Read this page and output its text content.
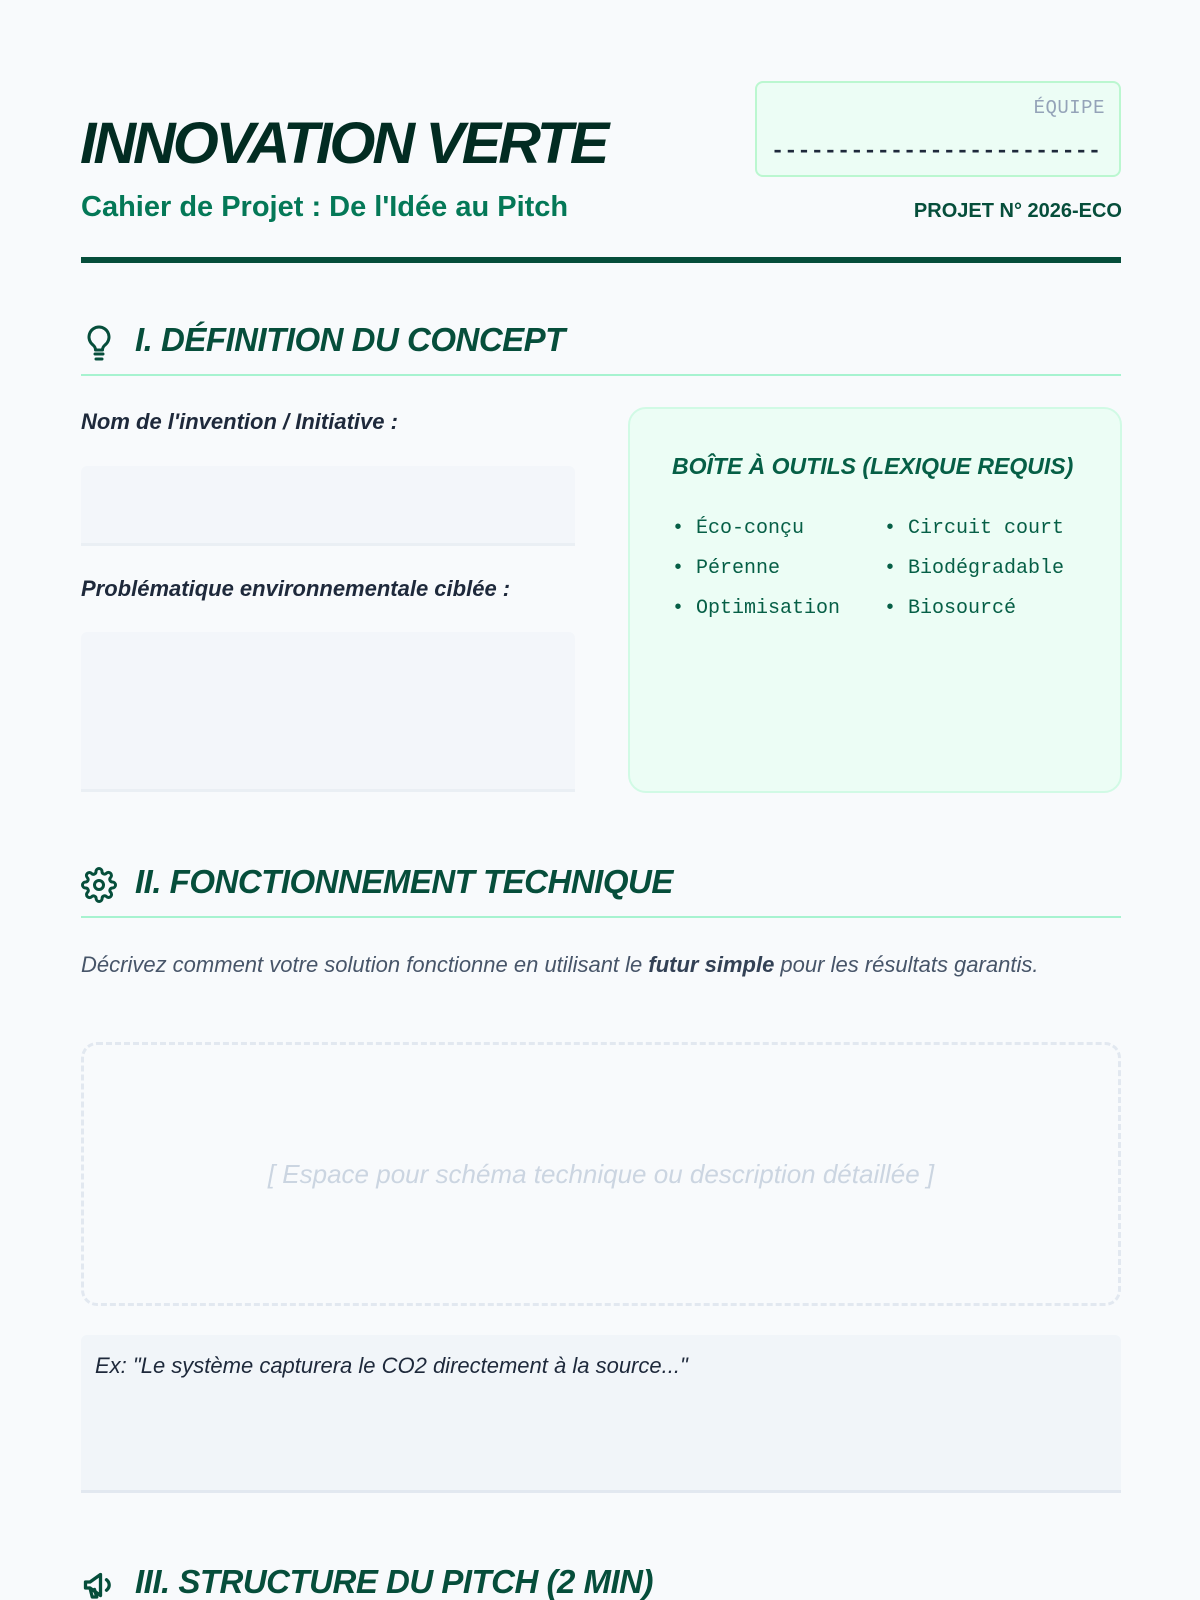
INNOVATION VERTE
Cahier de Projet : De l'Idée au Pitch
ÉQUIPE
-------------------------
PROJET N° 2026-ECO
I. DÉFINITION DU CONCEPT
Nom de l'invention / Initiative :
Problématique environnementale ciblée :
BOÎTE À OUTILS (LEXIQUE REQUIS)
• Éco-conçu
• Pérenne
• Optimisation
• Circuit court
• Biodégradable
• Biosourcé
II. FONCTIONNEMENT TECHNIQUE

Décrivez comment votre solution fonctionne en utilisant le futur simple pour les résultats garantis.

[ Espace pour schéma technique ou description détaillée ]
Ex: "Le système capturera le CO2 directement à la source..."
III. STRUCTURE DU PITCH (2 MIN)
